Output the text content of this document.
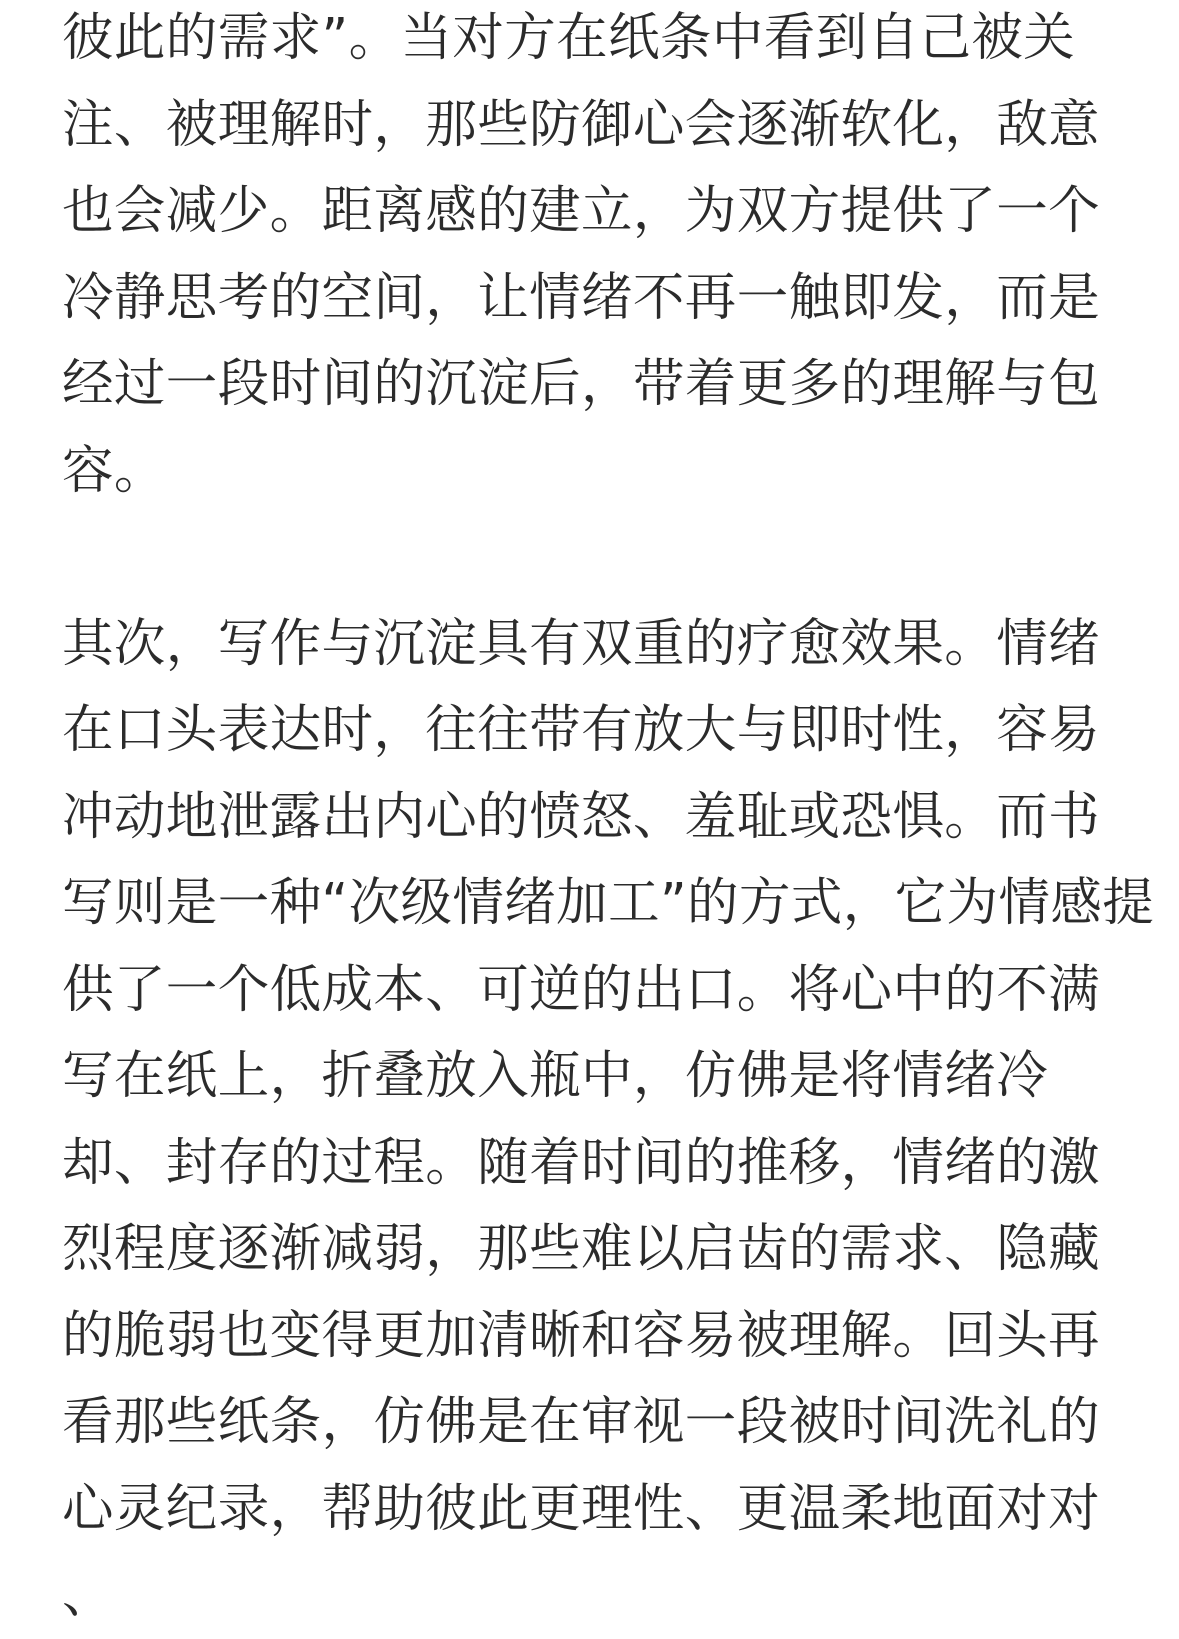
彼此的需求”。当对方在纸条中看到自己被关
注、被理解时，那些防御心会逐渐软化，敌意
也会减少。距离感的建立，为双方提供了一个
冷静思考的空间，让情绪不再一触即发，而是
经过一段时间的沉淀后，带着更多的理解与包
容。
其次，写作与沉淀具有双重的疗愈效果。情绪
在口头表达时，往往带有放大与即时性，容易
冲动地泄露出内心的愤怒、羞耻或恐惧。而书
写则是一种“次级情绪加工”的方式，它为情感提
供了一个低成本、可逆的出口。将心中的不满
写在纸上，折叠放入瓶中，仿佛是将情绪冷
却、封存的过程。随着时间的推移，情绪的激
烈程度逐渐减弱，那些难以启齿的需求、隐藏
的脆弱也变得更加清晰和容易被理解。回头再
看那些纸条，仿佛是在审视一段被时间洗礼的
心灵纪录，帮助彼此更理性、更温柔地面对对
、
